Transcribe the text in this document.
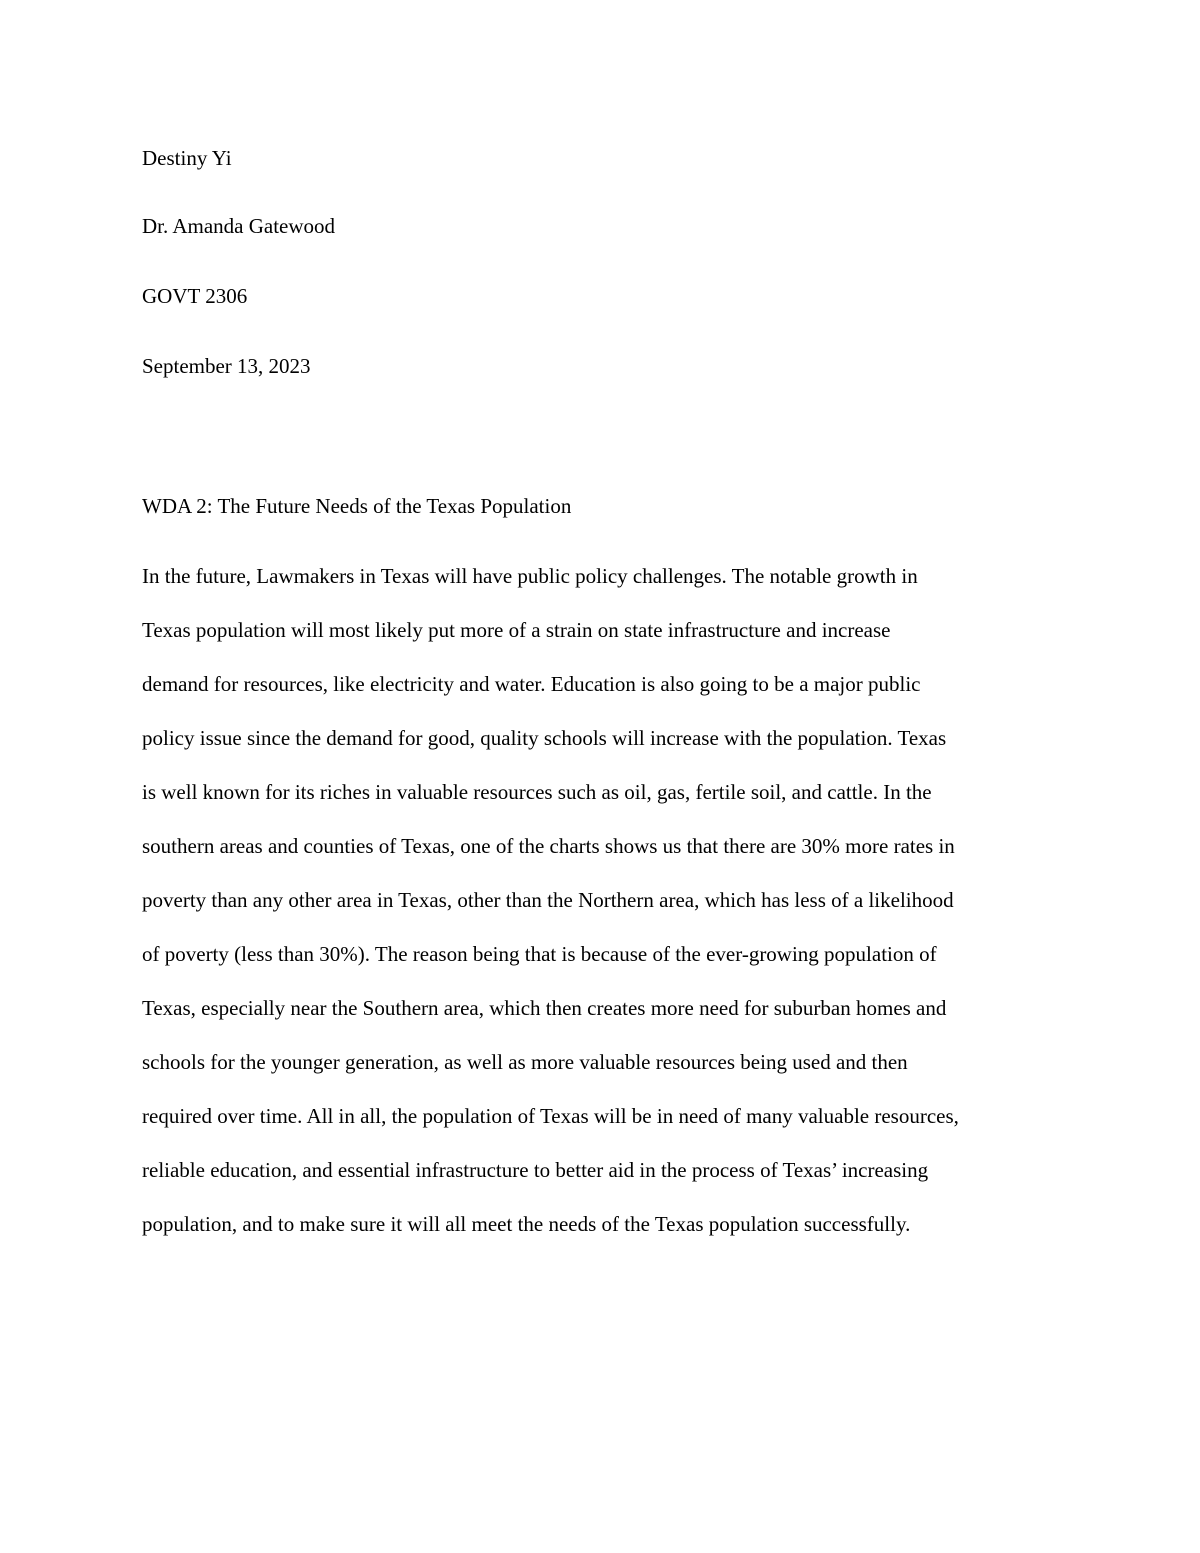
Destiny Yi

Dr. Amanda Gatewood

GOVT 2306

September 13, 2023

WDA 2: The Future Needs of the Texas Population

In the future, Lawmakers in Texas will have public policy challenges. The notable growth in
Texas population will most likely put more of a strain on state infrastructure and increase
demand for resources, like electricity and water. Education is also going to be a major public
policy issue since the demand for good, quality schools will increase with the population. Texas
is well known for its riches in valuable resources such as oil, gas, fertile soil, and cattle. In the
southern areas and counties of Texas, one of the charts shows us that there are 30% more rates in
poverty than any other area in Texas, other than the Northern area, which has less of a likelihood
of poverty (less than 30%). The reason being that is because of the ever-growing population of
Texas, especially near the Southern area, which then creates more need for suburban homes and
schools for the younger generation, as well as more valuable resources being used and then
required over time. All in all, the population of Texas will be in need of many valuable resources,
reliable education, and essential infrastructure to better aid in the process of Texas’ increasing
population, and to make sure it will all meet the needs of the Texas population successfully.
